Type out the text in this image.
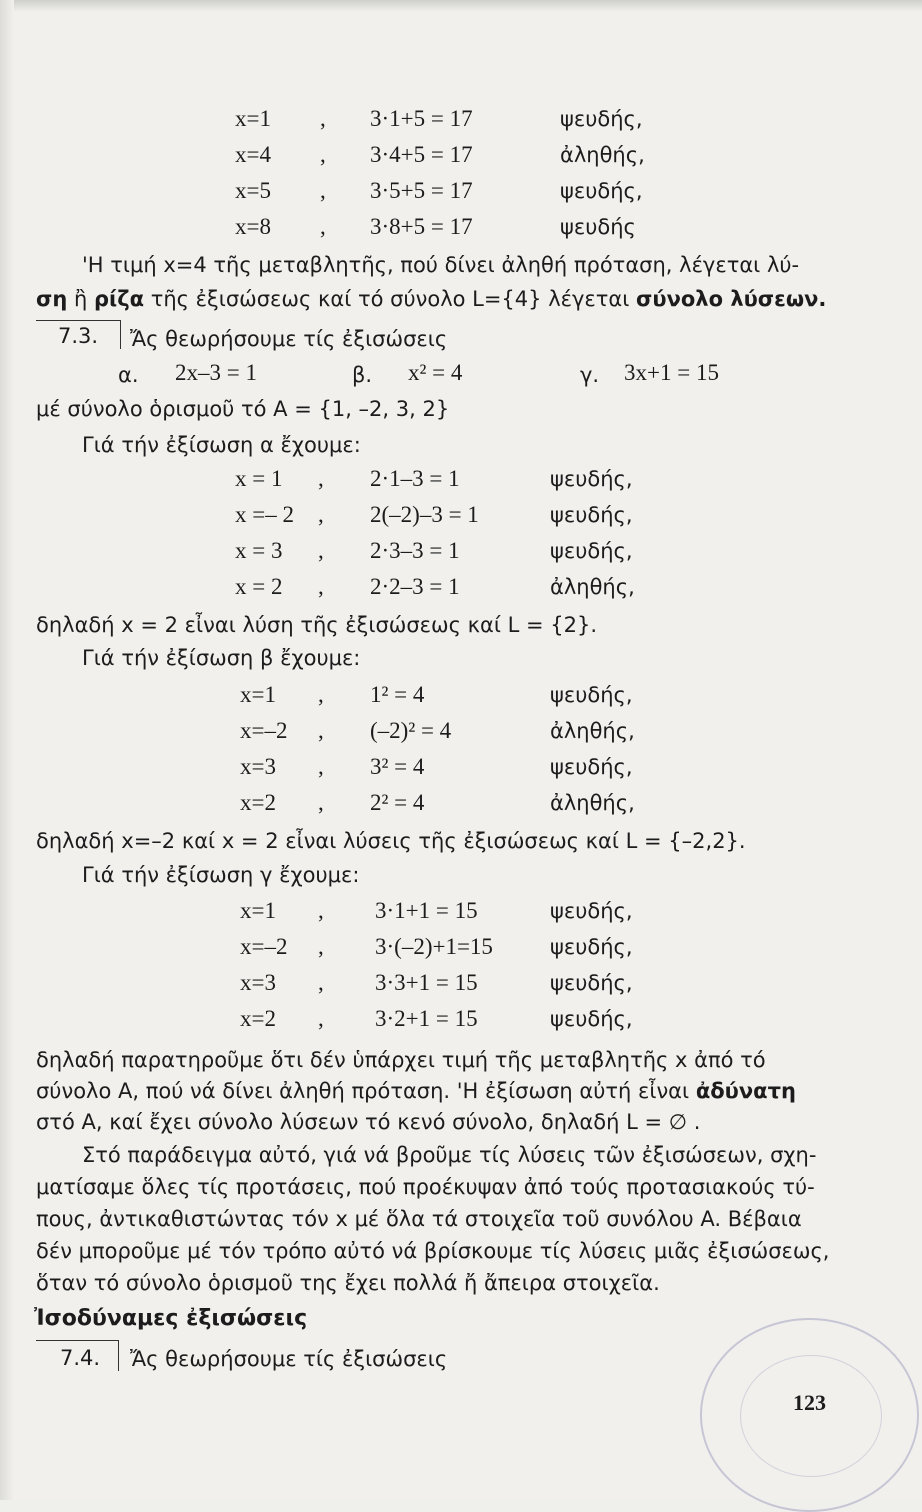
x=1 , 3·1+5 = 17	ψευδής,
x=4 , 3·4+5 = 17	ἀληθής,
x=5 , 3·5+5 = 17	ψευδής,
x=8 , 3·8+5 = 17	ψευδής
'Η τιμή x=4 τῆς μεταβλητῆς, πού δίνει ἀληθή πρόταση, λέγεται λύ-
ση ἢ ρίζα τῆς ἐξισώσεως καί τό σύνολο L={4} λέγεται σύνολο λύσεων.
7.3. Ἄς θεωρήσουμε τίς ἐξισώσεις
α. 2x–3 = 1	β. x² = 4	γ. 3x+1 = 15
μέ σύνολο ὁρισμοῦ τό A = {1, –2, 3, 2}
Γιά τήν ἐξίσωση α ἔχουμε:
x = 1 , 2·1–3 = 1	ψευδής,
x =– 2 , 2(–2)–3 = 1	ψευδής,
x = 3 , 2·3–3 = 1	ψευδής,
x = 2 , 2·2–3 = 1	ἀληθής,
δηλαδή x = 2 εἶναι λύση τῆς ἐξισώσεως καί L = {2}.
Γιά τήν ἐξίσωση β ἔχουμε:
x=1 , 1² = 4	ψευδής,
x=–2 , (–2)² = 4	ἀληθής,
x=3 , 3² = 4	ψευδής,
x=2 , 2² = 4	ἀληθής,
δηλαδή x=–2 καί x = 2 εἶναι λύσεις τῆς ἐξισώσεως καί L = {–2,2}.
Γιά τήν ἐξίσωση γ ἔχουμε:
x=1 , 3·1+1 = 15	ψευδής,
x=–2 , 3·(–2)+1=15	ψευδής,
x=3 , 3·3+1 = 15	ψευδής,
x=2 , 3·2+1 = 15	ψευδής,
δηλαδή παρατηροῦμε ὅτι δέν ὑπάρχει τιμή τῆς μεταβλητῆς x ἀπό τό
σύνολο A, πού νά δίνει ἀληθή πρόταση. 'Η ἐξίσωση αὐτή εἶναι ἀδύνατη
στό A, καί ἔχει σύνολο λύσεων τό κενό σύνολο, δηλαδή L = ∅ .
Στό παράδειγμα αὐτό, γιά νά βροῦμε τίς λύσεις τῶν ἐξισώσεων, σχη-
ματίσαμε ὅλες τίς προτάσεις, πού προέκυψαν ἀπό τούς προτασιακούς τύ-
πους, ἀντικαθιστώντας τόν x μέ ὅλα τά στοιχεῖα τοῦ συνόλου A. Βέβαια
δέν μποροῦμε μέ τόν τρόπο αὐτό νά βρίσκουμε τίς λύσεις μιᾶς ἐξισώσεως,
ὅταν τό σύνολο ὁρισμοῦ της ἔχει πολλά ἤ ἄπειρα στοιχεῖα.
Ἰσοδύναμες ἐξισώσεις
7.4. Ἄς θεωρήσουμε τίς ἐξισώσεις
123
